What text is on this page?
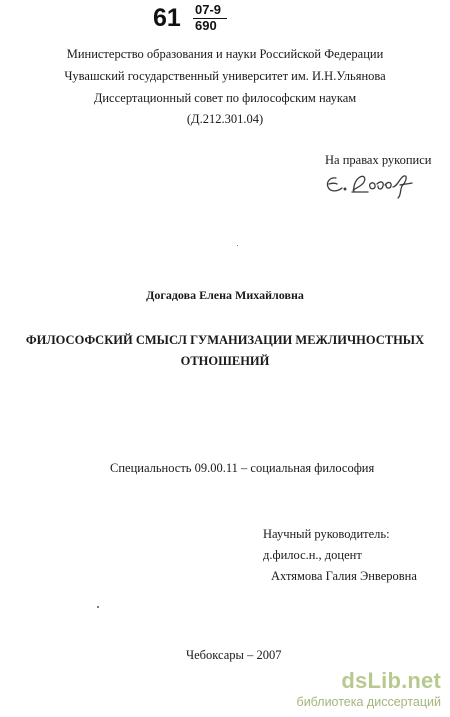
61 07-9
690
Министерство образования и науки Российской Федерации
Чувашский государственный университет им. И.Н.Ульянова
Диссертационный совет по философским наукам
(Д.212.301.04)
На правах рукописи
Догадова Елена Михайловна
ФИЛОСОФСКИЙ СМЫСЛ ГУМАНИЗАЦИИ МЕЖЛИЧНОСТНЫХ
ОТНОШЕНИЙ
Специальность 09.00.11 – социальная философия
Научный руководитель:
д.филос.н., доцент
Ахтямова Галия Энверовна
Чебоксары – 2007
dsLib.net
библиотека диссертаций
